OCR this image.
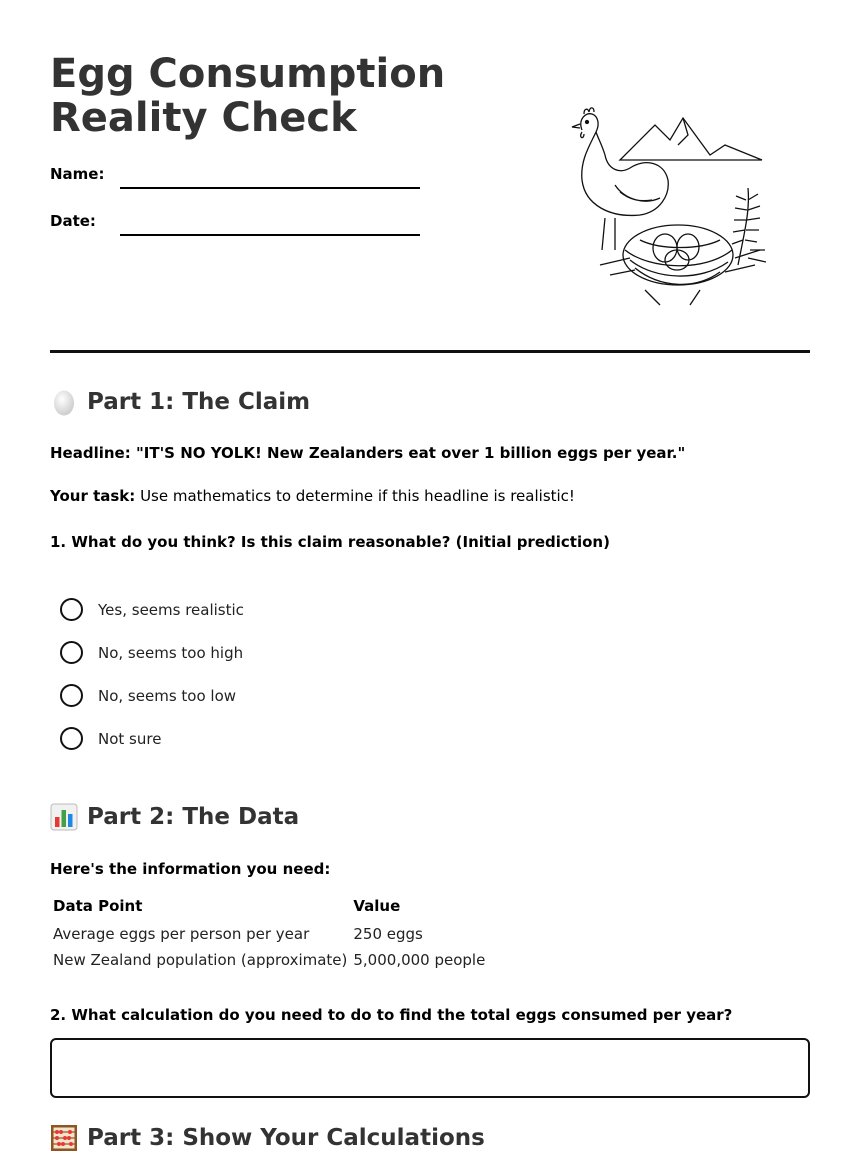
Egg Consumption
Reality Check
Name:
Date:
Part 1: The Claim
Headline: "IT'S NO YOLK! New Zealanders eat over 1 billion eggs per year."
Your task: Use mathematics to determine if this headline is realistic!
1. What do you think? Is this claim reasonable? (Initial prediction)
Yes, seems realistic
No, seems too high
No, seems too low
Not sure
Part 2: The Data
Here's the information you need:
Data Point	Value
Average eggs per person per year	250 eggs
New Zealand population (approximate)	5,000,000 people
2. What calculation do you need to do to find the total eggs consumed per year?
Part 3: Show Your Calculations
